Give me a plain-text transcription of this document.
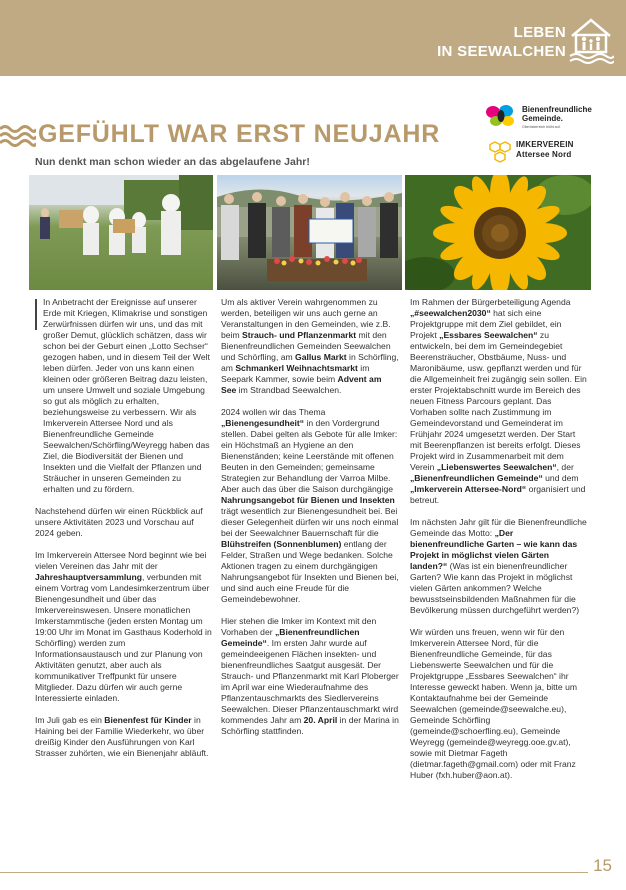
LEBEN
IN SEEWALCHEN
GEFÜHLT WAR ERST NEUJAHR
Nun denkt man schon wieder an das abgelaufene Jahr!
Bienenfreundliche Gemeinde.
Oberösterreich blüht auf.
IMKERVEREIN
Attersee Nord

In Anbetracht der Ereignisse auf unserer Erde mit Kriegen, Klimakrise und sonstigen Zerwürfnissen dürfen wir uns, und das mit großer Demut, glücklich schätzen, dass wir schon bei der Geburt einen „Lotto Sechser“ gezogen haben, und in diesem Teil der Welt leben dürfen. Jeder von uns kann einen kleinen oder größeren Beitrag dazu leisten, um unsere Umwelt und soziale Umgebung so gut als möglich zu erhalten, beziehungsweise zu verbessern. Wir als Imkerverein Attersee Nord und als Bienenfreundliche Gemeinde Seewalchen/Schörfling/Weyregg haben das Ziel, die Biodiversität der Bienen und Insekten und die Vielfalt der Pflanzen und Sträucher in unseren Gemeinden zu erhalten und zu fördern.

Nachstehend dürfen wir einen Rückblick auf unsere Aktivitäten 2023 und Vorschau auf 2024 geben.

Im Imkerverein Attersee Nord beginnt wie bei vielen Vereinen das Jahr mit der Jahreshauptversammlung, verbunden mit einem Vortrag vom Landesimkerzentrum über Bienengesundheit und über das Imkervereinswesen. Unsere monatlichen Imkerstammtische (jeden ersten Montag um 19:00 Uhr im Monat im Gasthaus Koderhold in Schörfling) werden zum Informationsaustausch und zur Planung von Aktivitäten genutzt, aber auch als kommunikativer Treffpunkt für unsere Mitglieder. Dazu dürfen wir auch gerne Interessierte einladen.

Im Juli gab es ein Bienenfest für Kinder in Haining bei der Familie Wiederkehr, wo über dreißig Kinder den Ausführungen von Karl Strasser zuhörten, wie ein Bienenjahr abläuft.

Um als aktiver Verein wahrgenommen zu werden, beteiligen wir uns auch gerne an Veranstaltungen in den Gemeinden, wie z.B. beim Strauch- und Pflanzenmarkt mit den Bienenfreundlichen Gemeinden Seewalchen und Schörfling, am Gallus Markt in Schörfling, am Schmankerl Weihnachtsmarkt im Seepark Kammer, sowie beim Advent am See im Strandbad Seewalchen.

2024 wollen wir das Thema „Bienengesundheit“ in den Vordergrund stellen. Dabei gelten als Gebote für alle Imker: ein Höchstmaß an Hygiene an den Bienenständen; keine Leerstände mit offenen Beuten in den Gemeinden; gemeinsame Strategien zur Behandlung der Varroa Milbe. Aber auch das über die Saison durchgängige Nahrungsangebot für Bienen und Insekten trägt wesentlich zur Bienengesundheit bei. Bei dieser Gelegenheit dürfen wir uns noch einmal bei der Seewalchner Bauernschaft für die Blühstreifen (Sonnenblumen) entlang der Felder, Straßen und Wege bedanken. Solche Aktionen tragen zu einem durchgängigen Nahrungsangebot für Insekten und Bienen bei, und sind auch eine Freude für die Gemeindebewohner.

Hier stehen die Imker im Kontext mit den Vorhaben der „Bienenfreundlichen Gemeinde“. Im ersten Jahr wurde auf gemeindeeigenen Flächen insekten- und bienenfreundliches Saatgut ausgesät. Der Strauch- und Pflanzenmarkt mit Karl Ploberger im April war eine Wiederaufnahme des Pflanzentauschmarkts des Siedlervereins Seewalchen. Dieser Pflanzentauschmarkt wird kommendes Jahr am 20. April in der Marina in Schörfling stattfinden.

Im Rahmen der Bürgerbeteiligung Agenda „#seewalchen2030“ hat sich eine Projektgruppe mit dem Ziel gebildet, ein Projekt „Essbares Seewalchen“ zu entwickeln, bei dem im Gemeindegebiet Beerensträucher, Obstbäume, Nuss- und Maronibäume, usw. gepflanzt werden und für die Allgemeinheit frei zugängig sein sollen. Ein erster Projektabschnitt wurde im Bereich des neuen Fitness Parcours geplant. Das Vorhaben sollte nach Zustimmung im Gemeindevorstand und Gemeinderat im Frühjahr 2024 umgesetzt werden. Der Start mit Beerenpflanzen ist bereits erfolgt. Dieses Projekt wird in Zusammenarbeit mit dem Verein „Liebenswertes Seewalchen“, der „Bienenfreundlichen Gemeinde“ und dem „Imkerverein Attersee-Nord“ organisiert und betreut.

Im nächsten Jahr gilt für die Bienenfreundliche Gemeinde das Motto: „Der bienenfreundliche Garten – wie kann das Projekt in möglichst vielen Gärten landen?“ (Was ist ein bienenfreundlicher Garten? Wie kann das Projekt in möglichst vielen Gärten ankommen? Welche bewusstseinsbildenden Maßnahmen für die Bevölkerung müssen durchgeführt werden?)

Wir würden uns freuen, wenn wir für den Imkerverein Attersee Nord, für die Bienenfreundliche Gemeinde, für das Liebenswerte Seewalchen und für die Projektgruppe „Essbares Seewalchen“ ihr Interesse geweckt haben. Wenn ja, bitte um Kontaktaufnahme bei der Gemeinde Seewalchen (gemeinde@seewalche.eu), Gemeinde Schörfling (gemeinde@schoerfling.eu), Gemeinde Weyregg (gemeinde@weyregg.ooe.gv.at), sowie mit Dietmar Fageth (dietmar.fageth@gmail.com) oder mit Franz Huber (fxh.huber@aon.at).

15
